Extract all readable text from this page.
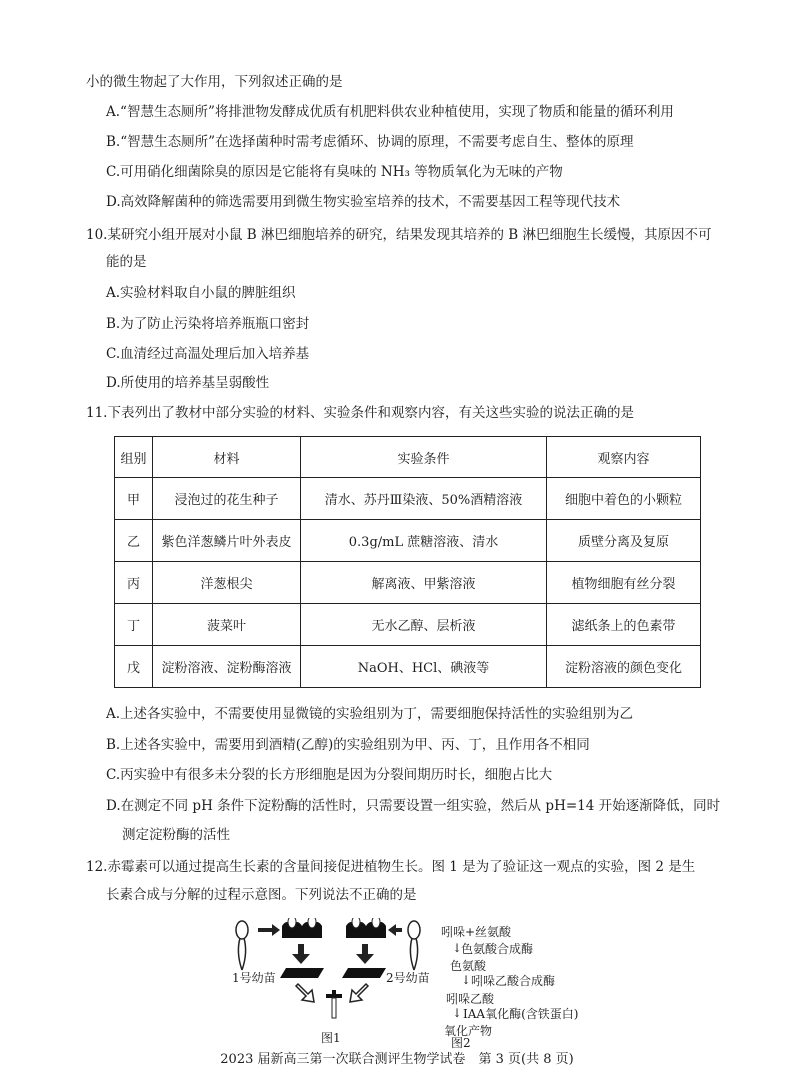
小的微生物起了大作用，下列叙述正确的是
A.“智慧生态厕所”将排泄物发酵成优质有机肥料供农业种植使用，实现了物质和能量的循环利用
B.“智慧生态厕所”在选择菌种时需考虑循环、协调的原理，不需要考虑自生、整体的原理
C.可用硝化细菌除臭的原因是它能将有臭味的 NH₃ 等物质氧化为无味的产物
D.高效降解菌种的筛选需要用到微生物实验室培养的技术，不需要基因工程等现代技术
10.某研究小组开展对小鼠 B 淋巴细胞培养的研究，结果发现其培养的 B 淋巴细胞生长缓慢，其原因不可
能的是
A.实验材料取自小鼠的脾脏组织
B.为了防止污染将培养瓶瓶口密封
C.血清经过高温处理后加入培养基
D.所使用的培养基呈弱酸性
11.下表列出了教材中部分实验的材料、实验条件和观察内容，有关这些实验的说法正确的是
组别	材料	实验条件	观察内容
甲	浸泡过的花生种子	清水、苏丹Ⅲ染液、50%酒精溶液	细胞中着色的小颗粒
乙	紫色洋葱鳞片叶外表皮	0.3g/mL 蔗糖溶液、清水	质壁分离及复原
丙	洋葱根尖	解离液、甲紫溶液	植物细胞有丝分裂
丁	菠菜叶	无水乙醇、层析液	滤纸条上的色素带
戊	淀粉溶液、淀粉酶溶液	NaOH、HCl、碘液等	淀粉溶液的颜色变化
A.上述各实验中，不需要使用显微镜的实验组别为丁，需要细胞保持活性的实验组别为乙
B.上述各实验中，需要用到酒精(乙醇)的实验组别为甲、丙、丁，且作用各不相同
C.丙实验中有很多未分裂的长方形细胞是因为分裂间期历时长，细胞占比大
D.在测定不同 pH 条件下淀粉酶的活性时，只需要设置一组实验，然后从 pH=14 开始逐渐降低，同时
测定淀粉酶的活性
12.赤霉素可以通过提高生长素的含量间接促进植物生长。图 1 是为了验证这一观点的实验，图 2 是生
长素合成与分解的过程示意图。下列说法不正确的是
1号幼苗	2号幼苗
图1
吲哚+丝氨酸
↓
色氨酸合成酶
色氨酸
↓ 吲哚乙酸合成酶
吲哚乙酸
↓ IAA氧化酶(含铁蛋白)
氧化产物
图2
2023 届新高三第一次联合测评生物学试卷　第 3 页(共 8 页)
